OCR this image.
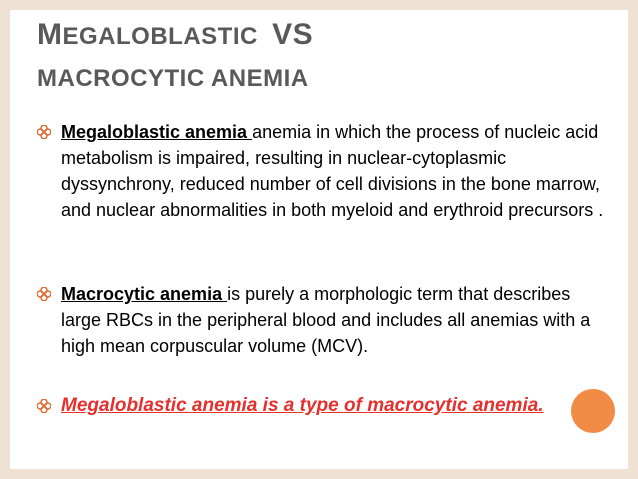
MEGALOBLASTIC VS
MACROCYTIC ANEMIA
Megaloblastic anemia anemia in which the process of nucleic acid metabolism is impaired, resulting in nuclear-cytoplasmic dyssynchrony, reduced number of cell divisions in the bone marrow, and nuclear abnormalities in both myeloid and erythroid precursors .
Macrocytic anemia is purely a morphologic term that describes large RBCs in the peripheral blood and includes all anemias with a high mean corpuscular volume (MCV).
Megaloblastic anemia is a type of macrocytic anemia.
